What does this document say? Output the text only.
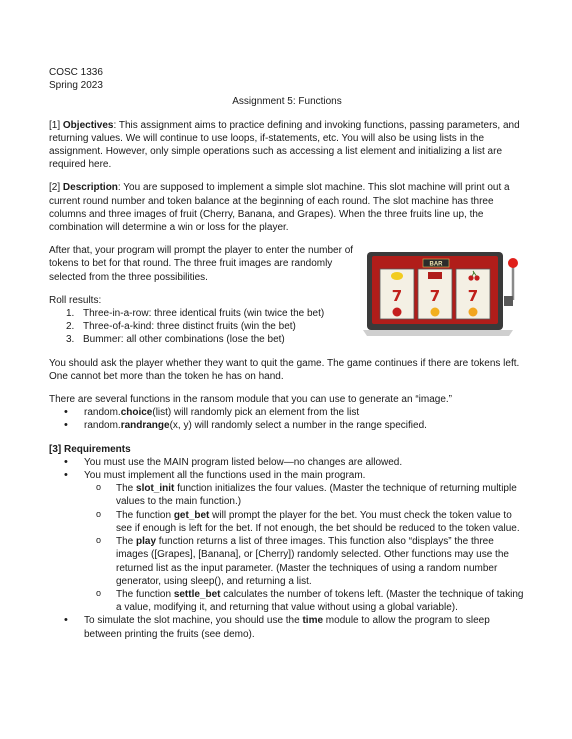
COSC 1336
Spring 2023
Assignment 5: Functions

[1] Objectives: This assignment aims to practice defining and invoking functions, passing parameters, and returning values. We will continue to use loops, if-statements, etc. You will also be using lists in the assignment. However, only simple operations such as accessing a list element and initializing a list are required here.

[2] Description: You are supposed to implement a simple slot machine. This slot machine will print out a current round number and token balance at the beginning of each round. The slot machine has three columns and three images of fruit (Cherry, Banana, and Grapes). When the three fruits line up, the combination will determine a win or loss for the player.

After that, your program will prompt the player to enter the number of tokens to bet for that round. The three fruit images are randomly selected from the three possibilities.

Roll results:
1. Three-in-a-row: three identical fruits (win twice the bet)
2. Three-of-a-kind: three distinct fruits (win the bet)
3. Bummer: all other combinations (lose the bet)

You should ask the player whether they want to quit the game. The game continues if there are tokens left. One cannot bet more than the token he has on hand.

There are several functions in the ransom module that you can use to generate an “image.”
• random.choice(list) will randomly pick an element from the list
• random.randrange(x, y) will randomly select a number in the range specified.
[3] Requirements
• You must use the MAIN program listed below—no changes are allowed.
• You must implement all the functions used in the main program.
o The slot_init function initializes the four values. (Master the technique of returning multiple values to the main function.)
o The function get_bet will prompt the player for the bet. You must check the token value to see if enough is left for the bet. If not enough, the bet should be reduced to the token value.
o The play function returns a list of three images. This function also “displays” the three images ([Grapes], [Banana], or [Cherry]) randomly selected. Other functions may use the returned list as the input parameter. (Master the techniques of using a random number generator, using sleep(), and returning a list.
o The function settle_bet calculates the number of tokens left. (Master the technique of taking a value, modifying it, and returning that value without using a global variable).
• To simulate the slot machine, you should use the time module to allow the program to sleep between printing the fruits (see demo).
BAR
7 7 7
